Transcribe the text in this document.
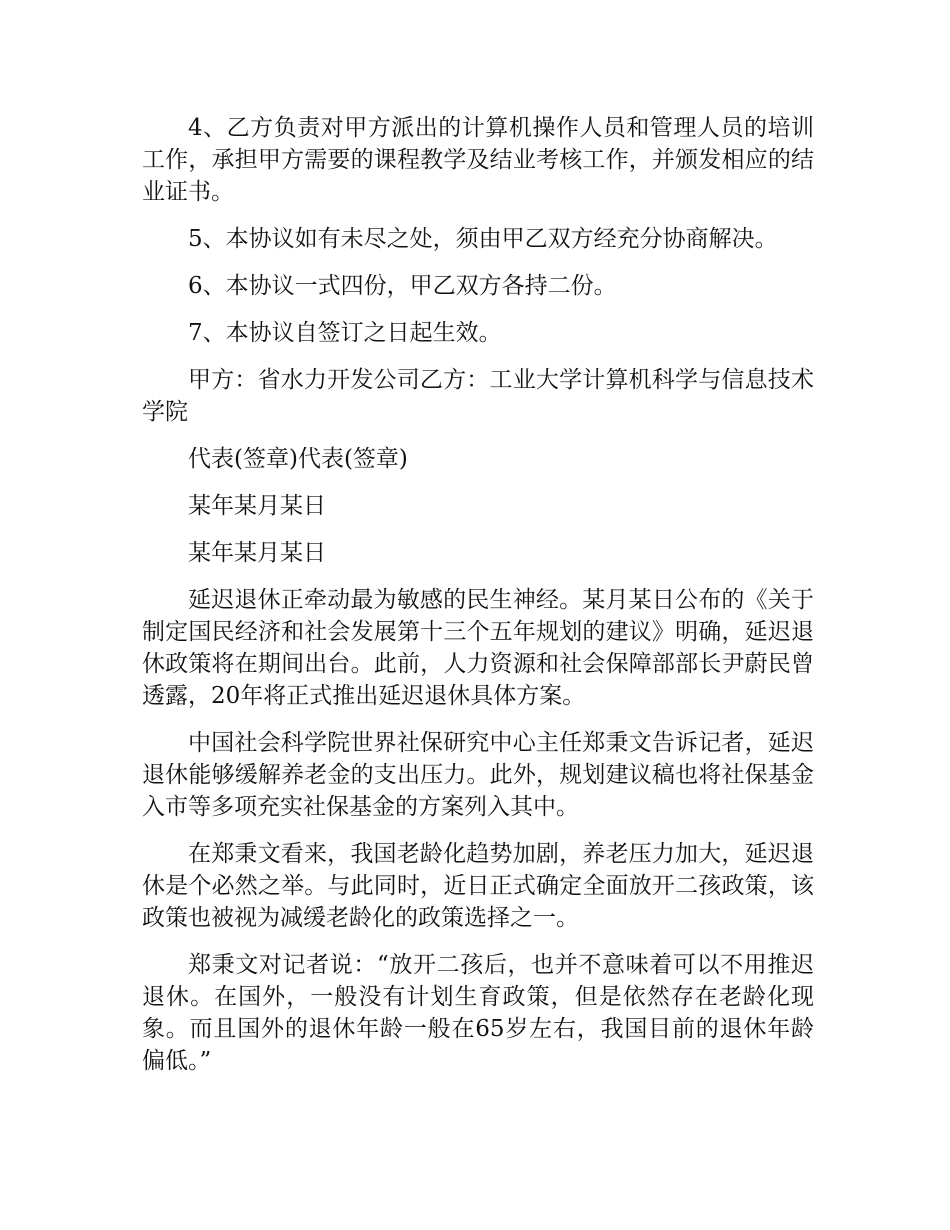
4、乙方负责对甲方派出的计算机操作人员和管理人员的培训工作，承担甲方需要的课程教学及结业考核工作，并颁发相应的结业证书。

5、本协议如有未尽之处，须由甲乙双方经充分协商解决。

6、本协议一式四份，甲乙双方各持二份。

7、本协议自签订之日起生效。

甲方：省水力开发公司乙方：工业大学计算机科学与信息技术学院

代表(签章)代表(签章)

某年某月某日

某年某月某日

延迟退休正牵动最为敏感的民生神经。某月某日公布的《关于制定国民经济和社会发展第十三个五年规划的建议》明确，延迟退休政策将在期间出台。此前，人力资源和社会保障部部长尹蔚民曾透露，20年将正式推出延迟退休具体方案。

中国社会科学院世界社保研究中心主任郑秉文告诉记者，延迟退休能够缓解养老金的支出压力。此外，规划建议稿也将社保基金入市等多项充实社保基金的方案列入其中。

在郑秉文看来，我国老龄化趋势加剧，养老压力加大，延迟退休是个必然之举。与此同时，近日正式确定全面放开二孩政策，该政策也被视为减缓老龄化的政策选择之一。

郑秉文对记者说：“放开二孩后，也并不意味着可以不用推迟退休。在国外，一般没有计划生育政策，但是依然存在老龄化现象。而且国外的退休年龄一般在65岁左右，我国目前的退休年龄偏低。”
